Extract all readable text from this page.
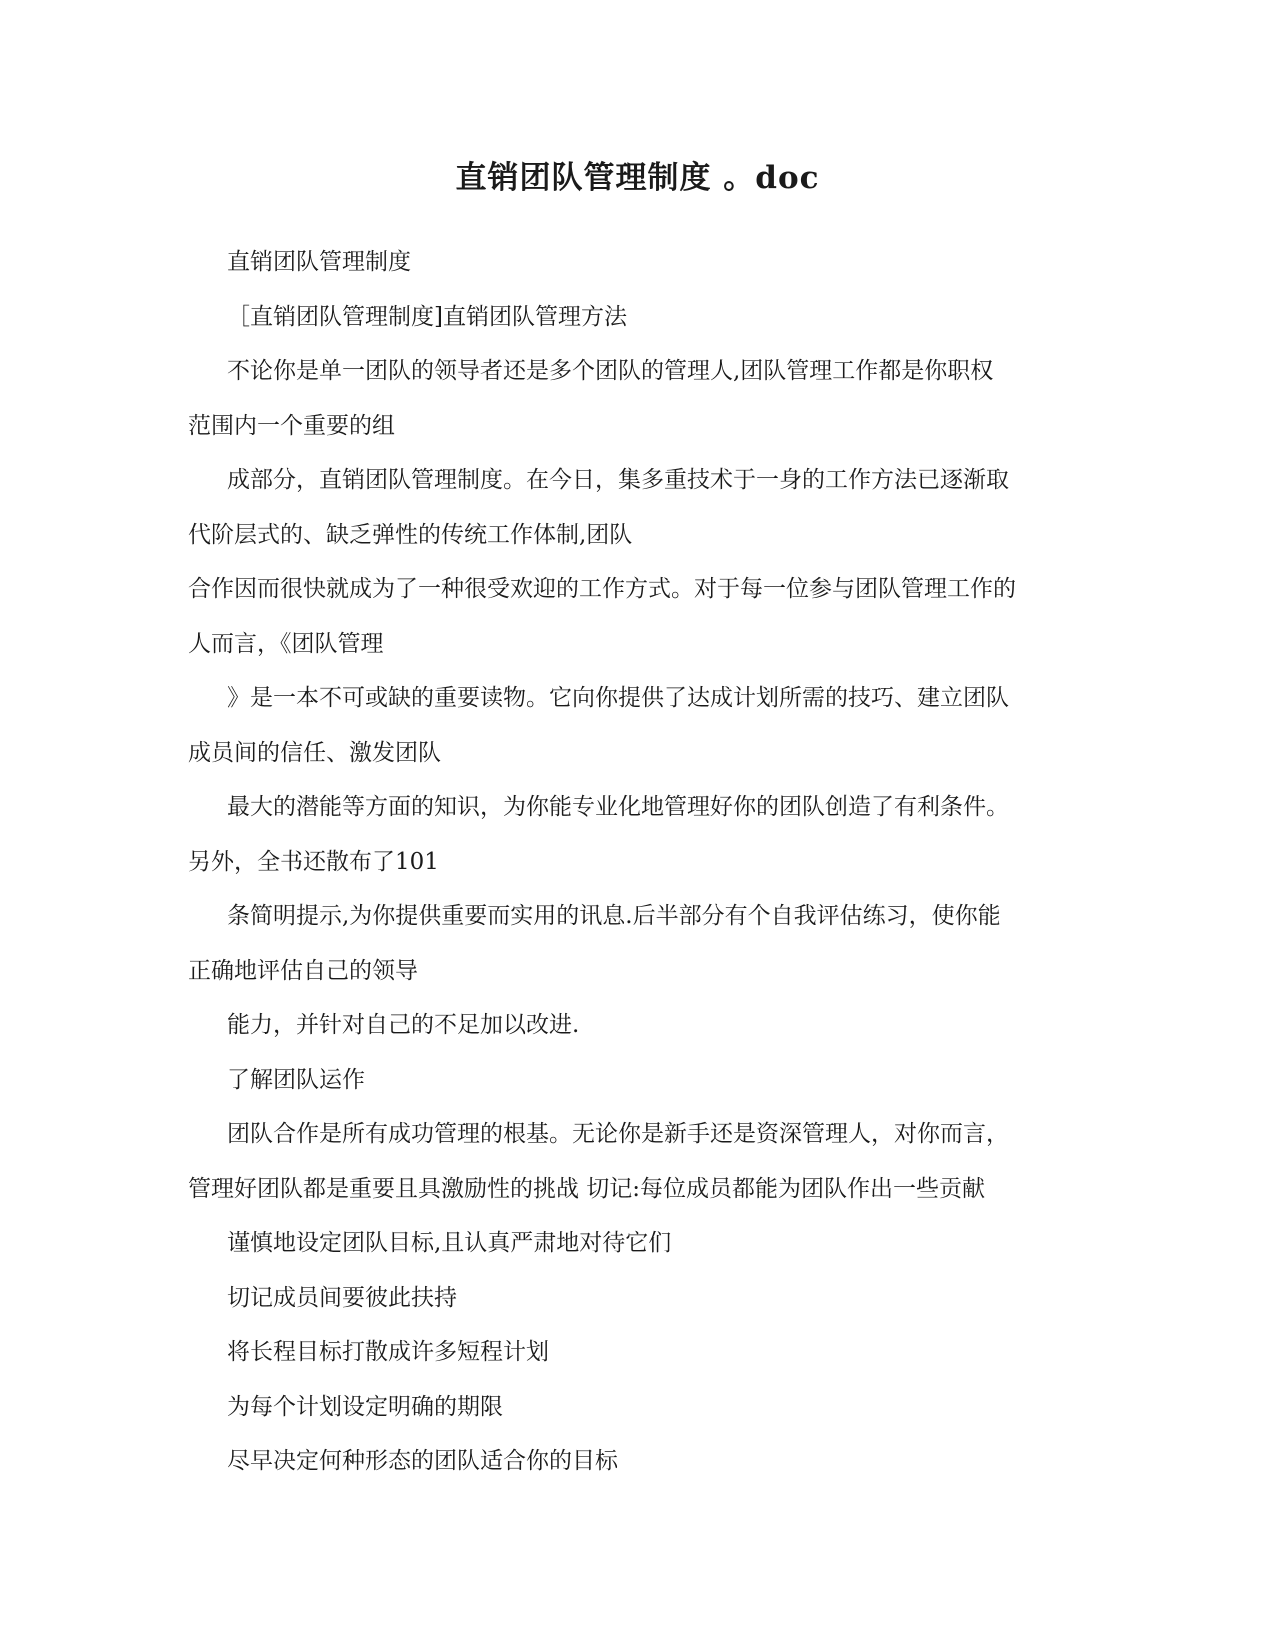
直销团队管理制度 。doc

直销团队管理制度

［直销团队管理制度]直销团队管理方法

不论你是单一团队的领导者还是多个团队的管理人,团队管理工作都是你职权

范围内一个重要的组

成部分，直销团队管理制度。在今日，集多重技术于一身的工作方法已逐渐取

代阶层式的、缺乏弹性的传统工作体制,团队

合作因而很快就成为了一种很受欢迎的工作方式。对于每一位参与团队管理工作的

人而言，《团队管理

》是一本不可或缺的重要读物。它向你提供了达成计划所需的技巧、建立团队

成员间的信任、激发团队

最大的潜能等方面的知识，为你能专业化地管理好你的团队创造了有利条件。

另外，全书还散布了101

条简明提示,为你提供重要而实用的讯息.后半部分有个自我评估练习，使你能

正确地评估自己的领导

能力，并针对自己的不足加以改进.

了解团队运作

团队合作是所有成功管理的根基。无论你是新手还是资深管理人，对你而言，

管理好团队都是重要且具激励性的挑战 切记:每位成员都能为团队作出一些贡献

谨慎地设定团队目标,且认真严肃地对待它们

切记成员间要彼此扶持

将长程目标打散成许多短程计划

为每个计划设定明确的期限

尽早决定何种形态的团队适合你的目标
